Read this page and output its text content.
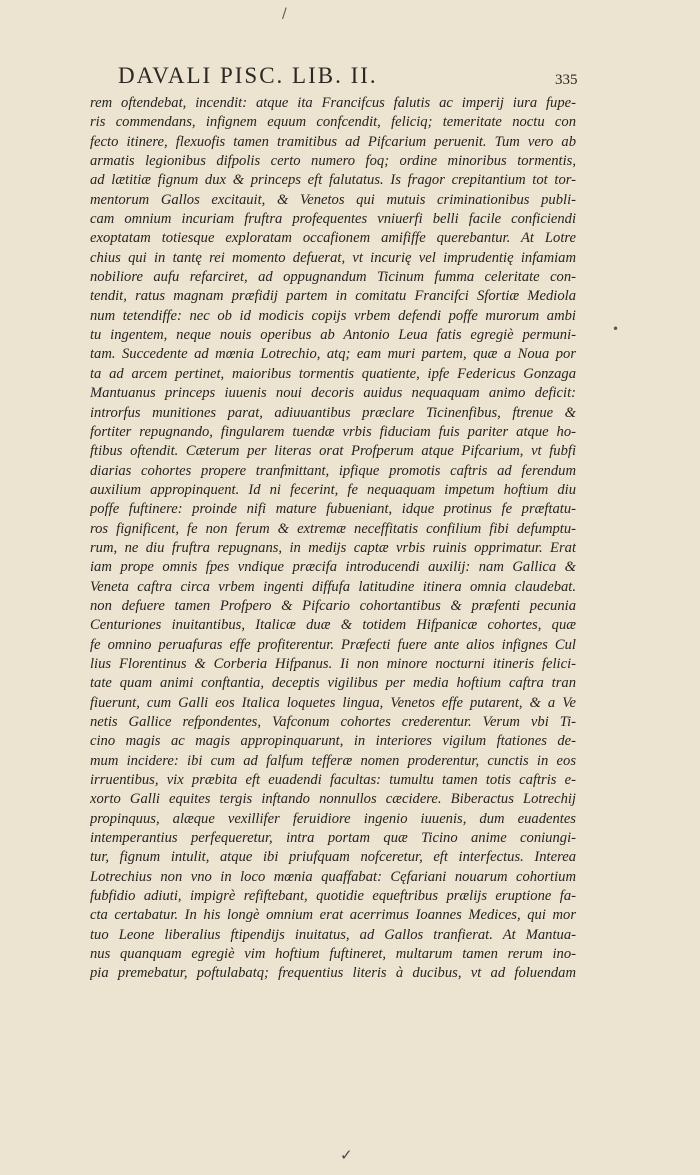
/
DAVALI PISC. LIB. II.	335
rem oftendebat, incendit: atque ita Francifcus falutis ac imperij iura fupe-
ris commendans, infignem equum confcendit, feliciq; temeritate noctu con
fecto itinere, flexuofis tamen tramitibus ad Pifcarium peruenit. Tum vero ab
armatis legionibus difpolis certo numero foq; ordine minoribus tormentis,
ad lætitiæ fignum dux & princeps eft falutatus. Is fragor crepitantium tot tor-
mentorum Gallos excitauit, & Venetos qui mutuis criminationibus publi-
cam omnium incuriam fruftra profequentes vniuerfi belli facile conficiendi
exoptatam totiesque exploratam occafionem amififfe querebantur. At Lotre
chius qui in tantę rei momento defuerat, vt incurię vel imprudentię infamiam
nobiliore aufu refarciret, ad oppugnandum Ticinum fumma celeritate con-
tendit, ratus magnam præfidij partem in comitatu Francifci Sfortiæ Mediola
num tetendiffe: nec ob id modicis copijs vrbem defendi poffe murorum ambi
tu ingentem, neque nouis operibus ab Antonio Leua fatis egregiè permuni-
tam. Succedente ad mœnia Lotrechio, atq; eam muri partem, quæ a Noua por
ta ad arcem pertinet, maioribus tormentis quatiente, ipfe Federicus Gonzaga
Mantuanus princeps iuuenis noui decoris auidus nequaquam animo deficit:
introrfus munitiones parat, adiuuantibus præclare Ticinenfibus, ftrenue &
fortiter repugnando, fingularem tuendæ vrbis fiduciam fuis pariter atque ho-
ftibus oftendit. Cæterum per literas orat Profperum atque Pifcarium, vt fubfi
diarias cohortes propere tranfmittant, ipfique promotis caftris ad ferendum
auxilium appropinquent. Id ni fecerint, fe nequaquam impetum hoftium diu
poffe fuftinere: proinde nifi mature fubueniant, idque protinus fe præftatu-
ros fignificent, fe non ferum & extremæ neceffitatis confilium fibi defumptu-
rum, ne diu fruftra repugnans, in medijs captæ vrbis ruinis opprimatur. Erat
iam prope omnis fpes vndique præcifa introducendi auxilij: nam Gallica &
Veneta caftra circa vrbem ingenti diffufa latitudine itinera omnia claudebat.
non defuere tamen Profpero & Pifcario cohortantibus & præfenti pecunia
Centuriones inuitantibus, Italicæ duæ & totidem Hifpanicæ cohortes, quæ
fe omnino peruafuras effe profiterentur. Præfecti fuere ante alios infignes Cul
lius Florentinus & Corberia Hifpanus. Ii non minore nocturni itineris felici-
tate quam animi conftantia, deceptis vigilibus per media hoftium caftra tran
fiuerunt, cum Galli eos Italica loquetes lingua, Venetos effe putarent, & a Ve
netis Gallice refpondentes, Vafconum cohortes crederentur. Verum vbi Ti-
cino magis ac magis appropinquarunt, in interiores vigilum ftationes de-
mum incidere: ibi cum ad falfum tefferæ nomen proderentur, cunctis in eos
irruentibus, vix præbita eft euadendi facultas: tumultu tamen totis caftris e-
xorto Galli equites tergis inftando nonnullos cæcidere. Biberactus Lotrechij
propinquus, alæque vexillifer feruidiore ingenio iuuenis, dum euadentes
intemperantius perfequeretur, intra portam quæ Ticino anime coniungi-
tur, fignum intulit, atque ibi priufquam nofceretur, eft interfectus. Interea
Lotrechius non vno in loco mœnia quaffabat: Cęfariani nouarum cohortium
fubfidio adiuti, impigrè refiftebant, quotidie equeftribus prælijs eruptione fa-
cta certabatur. In his longè omnium erat acerrimus Ioannes Medices, qui mor
tuo Leone liberalius ftipendijs inuitatus, ad Gallos tranfierat. At Mantua-
nus quanquam egregiè vim hoftium fuftineret, multarum tamen rerum ino-
pia premebatur, poftulabatq; frequentius literis à ducibus, vt ad foluendam
•
✓
